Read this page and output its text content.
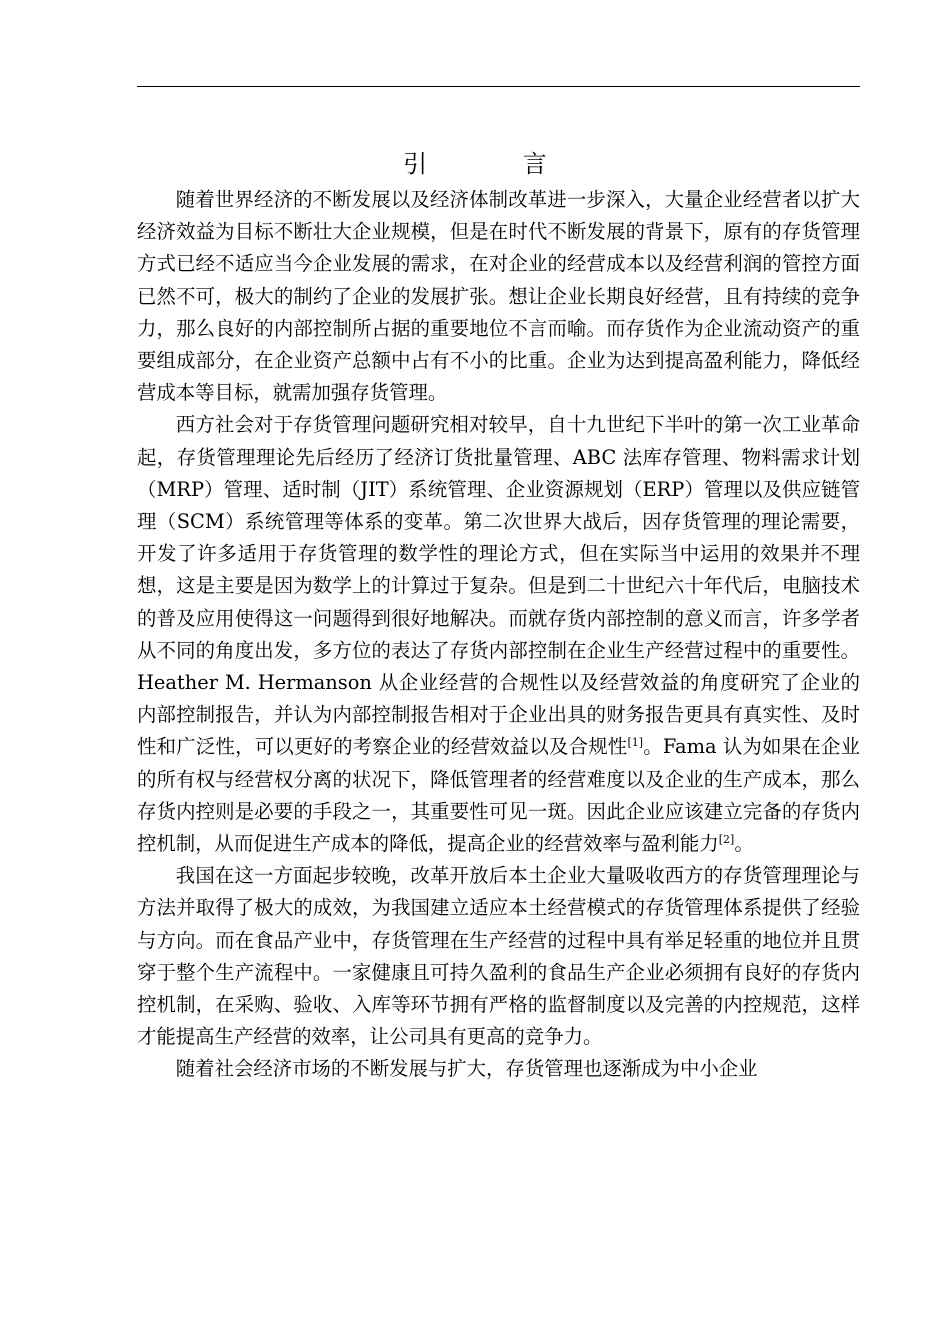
引 言

随着世界经济的不断发展以及经济体制改革进一步深入，大量企业经营者以扩大经济效益为目标不断壮大企业规模，但是在时代不断发展的背景下，原有的存货管理方式已经不适应当今企业发展的需求，在对企业的经营成本以及经营利润的管控方面已然不可，极大的制约了企业的发展扩张。想让企业长期良好经营，且有持续的竞争力，那么良好的内部控制所占据的重要地位不言而喻。而存货作为企业流动资产的重要组成部分，在企业资产总额中占有不小的比重。企业为达到提高盈利能力，降低经营成本等目标，就需加强存货管理。

西方社会对于存货管理问题研究相对较早，自十九世纪下半叶的第一次工业革命起，存货管理理论先后经历了经济订货批量管理、ABC 法库存管理、物料需求计划（MRP）管理、适时制（JIT）系统管理、企业资源规划（ERP）管理以及供应链管理（SCM）系统管理等体系的变革。第二次世界大战后，因存货管理的理论需要，开发了许多适用于存货管理的数学性的理论方式，但在实际当中运用的效果并不理想，这是主要是因为数学上的计算过于复杂。但是到二十世纪六十年代后，电脑技术的普及应用使得这一问题得到很好地解决。而就存货内部控制的意义而言，许多学者从不同的角度出发，多方位的表达了存货内部控制在企业生产经营过程中的重要性。Heather M. Hermanson 从企业经营的合规性以及经营效益的角度研究了企业的内部控制报告，并认为内部控制报告相对于企业出具的财务报告更具有真实性、及时性和广泛性，可以更好的考察企业的经营效益以及合规性[1]。Fama 认为如果在企业的所有权与经营权分离的状况下，降低管理者的经营难度以及企业的生产成本，那么存货内控则是必要的手段之一，其重要性可见一斑。因此企业应该建立完备的存货内控机制，从而促进生产成本的降低，提高企业的经营效率与盈利能力[2]。

我国在这一方面起步较晚，改革开放后本土企业大量吸收西方的存货管理理论与方法并取得了极大的成效，为我国建立适应本土经营模式的存货管理体系提供了经验与方向。而在食品产业中，存货管理在生产经营的过程中具有举足轻重的地位并且贯穿于整个生产流程中。一家健康且可持久盈利的食品生产企业必须拥有良好的存货内控机制，在采购、验收、入库等环节拥有严格的监督制度以及完善的内控规范，这样才能提高生产经营的效率，让公司具有更高的竞争力。

随着社会经济市场的不断发展与扩大，存货管理也逐渐成为中小企业
